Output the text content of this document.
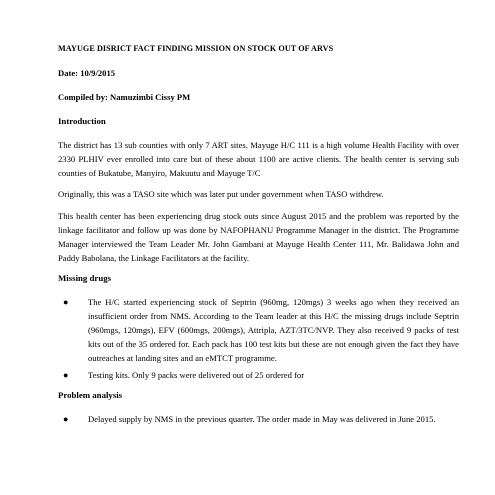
MAYUGE DISRICT FACT FINDING MISSION ON STOCK OUT OF ARVS
Date: 10/9/2015
Compiled by: Namuzimbi Cissy PM
Introduction

The district has 13 sub counties with only 7 ART sites. Mayuge H/C 111 is a high volume Health Facility with over 2330 PLHIV ever enrolled into care but of these about 1100 are active clients. The health center is serving sub counties of Bukatube, Manyiro, Makuutu and Mayuge T/C

Originally, this was a TASO site which was later put under government when TASO withdrew.

This health center has been experiencing drug stock outs since August 2015 and the problem was reported by the linkage facilitator and follow up was done by NAFOPHANU Programme Manager in the district. The Programme Manager interviewed the Team Leader Mr. John Gambani at Mayuge Health Center 111, Mr. Balidawa John and Paddy Babolana, the Linkage Facilitators at the facility.

Missing drugs
● The H/C started experiencing stock of Septrin (960mg, 120mgs) 3 weeks ago when they received an insufficient order from NMS. According to the Team leader at this H/C the missing drugs include Septrin (960mgs, 120mgs), EFV (600mgs, 200mgs), Attripla, AZT/3TC/NVP. They also received 9 packs of test kits out of the 35 ordered for. Each pack has 100 test kits but these are not enough given the fact they have outreaches at landing sites and an eMTCT programme.
● Testing kits. Only 9 packs were delivered out of 25 ordered for
Problem analysis
● Delayed supply by NMS in the previous quarter. The order made in May was delivered in June 2015.
